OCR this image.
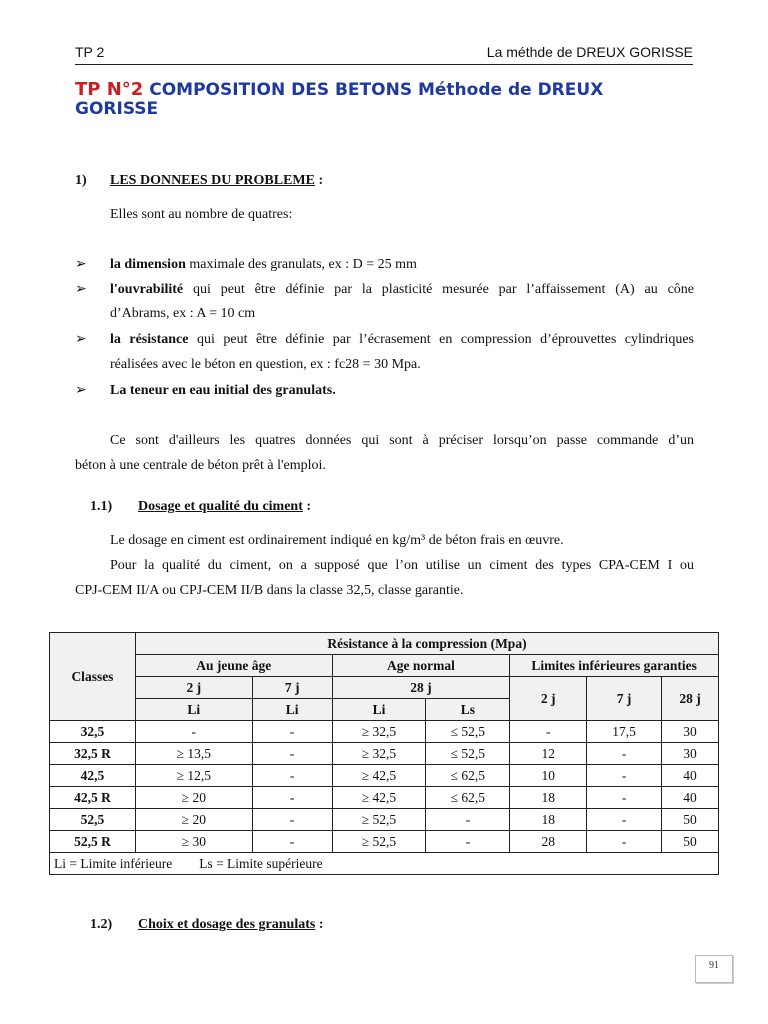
TP 2	La méthde de DREUX GORISSE
TP N°2 COMPOSITION DES BETONS Méthode de DREUX GORISSE
1) LES DONNEES DU PROBLEME :
Elles sont au nombre de quatres:
➢ la dimension maximale des granulats, ex : D = 25 mm
➢ l'ouvrabilité qui peut être définie par la plasticité mesurée par l’affaissement (A) au cône
d’Abrams, ex : A = 10 cm
➢ la résistance qui peut être définie par l’écrasement en compression d’éprouvettes cylindriques
réalisées avec le béton en question, ex : fc28 = 30 Mpa.
➢ La teneur en eau initial des granulats.
Ce sont d'ailleurs les quatres données qui sont à préciser lorsqu’on passe commande d’un
béton à une centrale de béton prêt à l'emploi.
1.1) Dosage et qualité du ciment :
Le dosage en ciment est ordinairement indiqué en kg/m³ de béton frais en œuvre.
Pour la qualité du ciment, on a supposé que l’on utilise un ciment des types CPA-CEM I ou
CPJ-CEM II/A ou CPJ-CEM II/B dans la classe 32,5, classe garantie.
Classes	Résistance à la compression (Mpa)						
	Au jeune âge		Age normal		Limites inférieures garanties		
	2 j	7 j	28 j		2 j	7 j	28 j
	Li	Li	Li	Ls			
32,5	-	-	≥ 32,5	≤ 52,5	-	17,5	30
32,5 R	≥ 13,5	-	≥ 32,5	≤ 52,5	12	-	30
42,5	≥ 12,5	-	≥ 42,5	≤ 62,5	10	-	40
42,5 R	≥ 20	-	≥ 42,5	≤ 62,5	18	-	40
52,5	≥ 20	-	≥ 52,5	-	18	-	50
52,5 R	≥ 30	-	≥ 52,5	-	28	-	50
Li = Limite inférieure        Ls = Limite supérieure							
1.2) Choix et dosage des granulats :
91
